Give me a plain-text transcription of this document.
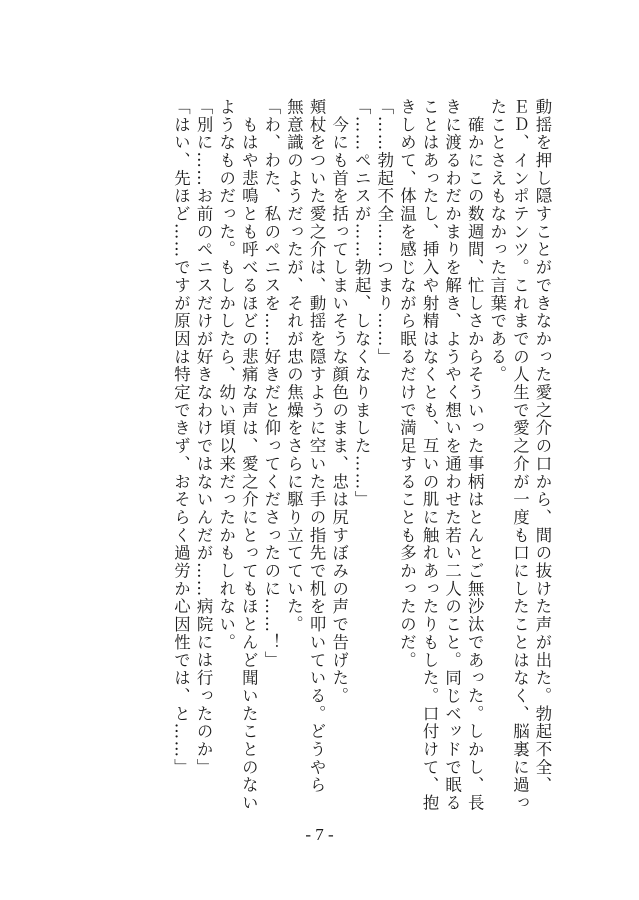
動揺を押し隠すことができなかった愛之介の口から、間の抜けた声が出た。勃起不全、
ＥＤ、インポテンツ。これまでの人生で愛之介が一度も口にしたことはなく、脳裏に過っ
たことさえもなかった言葉である。
　確かにこの数週間、忙しさからそういった事柄はとんとご無沙汰であった。しかし、長
きに渡るわだかまりを解き、ようやく想いを通わせた若い二人のこと。同じベッドで眠る
ことはあったし、挿入や射精はなくとも、互いの肌に触れあったりもした。口付けて、抱
きしめて、体温を感じながら眠るだけで満足することも多かったのだ。
「……勃起不全……つまり……」
「……ペニスが……勃起、しなくなりました……」
　今にも首を括ってしまいそうな顔色のまま、忠は尻すぼみの声で告げた。
頬杖をついた愛之介は、動揺を隠すように空いた手の指先で机を叩いている。どうやら
無意識のようだったが、それが忠の焦燥をさらに駆り立てていた。
「わ、わた、私のペニスを……好きだと仰ってくださったのに……！」
　もはや悲鳴とも呼べるほどの悲痛な声は、愛之介にとってもほとんど聞いたことのない
ようなものだった。もしかしたら、幼い頃以来だったかもしれない。
「別に……お前のペニスだけが好きなわけではないんだが……病院には行ったのか」
「はい、先ほど……ですが原因は特定できず、おそらく過労か心因性では、と……」
- 7 -
